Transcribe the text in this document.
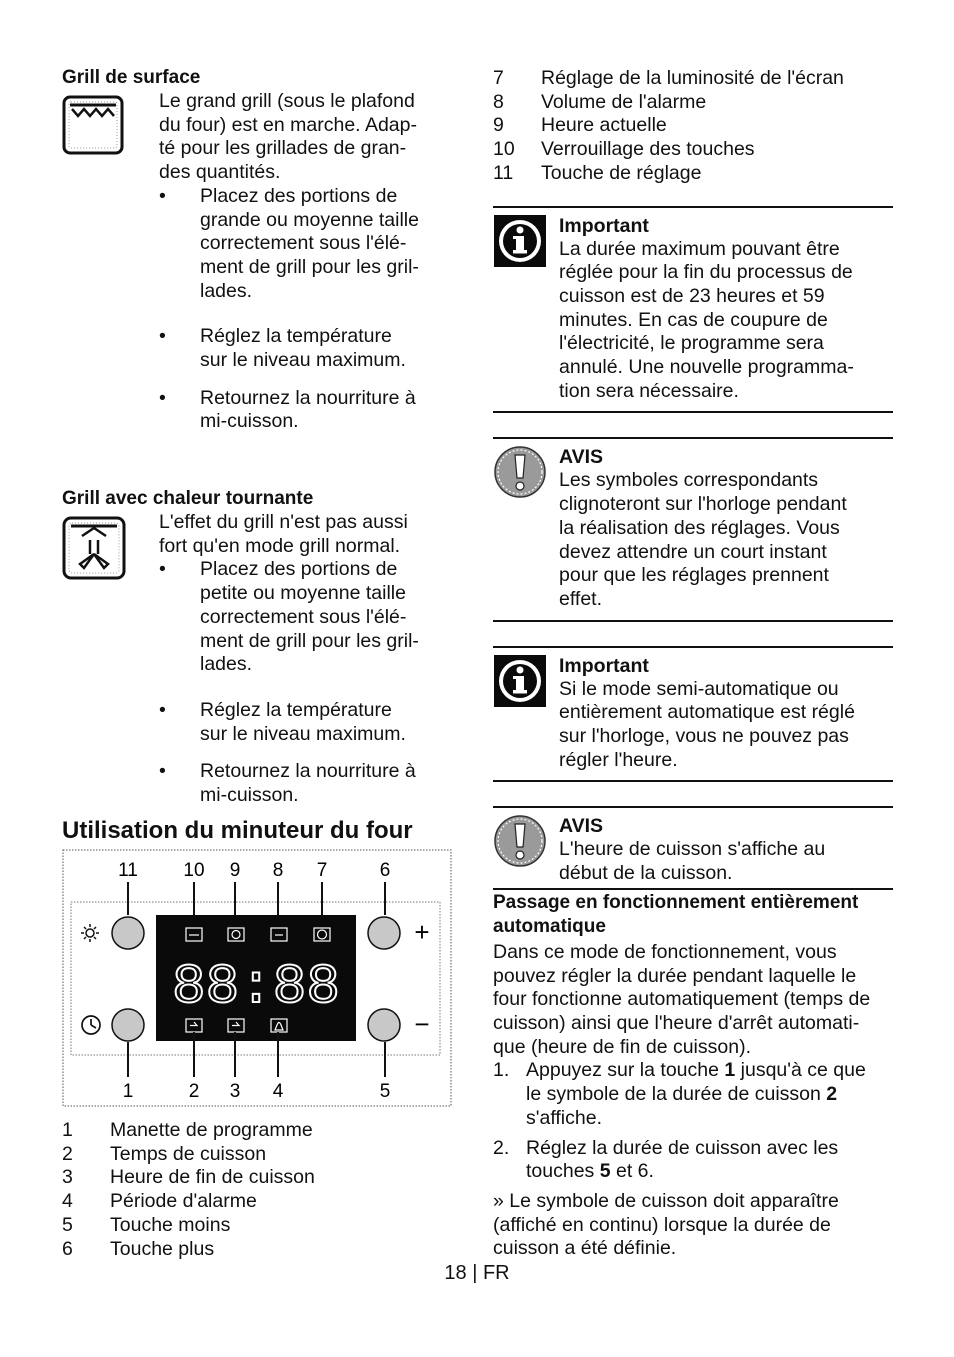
Grill de surface
Le grand grill (sous le plafond
du four) est en marche. Adap-
té pour les grillades de gran-
des quantités.
• Placez des portions de
grande ou moyenne taille
correctement sous l'élé-
ment de grill pour les gril-
lades.
• Réglez la température
sur le niveau maximum.
• Retournez la nourriture à
mi-cuisson.
Grill avec chaleur tournante
L'effet du grill n'est pas aussi
fort qu'en mode grill normal.
• Placez des portions de
petite ou moyenne taille
correctement sous l'élé-
ment de grill pour les gril-
lades.
• Réglez la température
sur le niveau maximum.
• Retournez la nourriture à
mi-cuisson.
Utilisation du minuteur du four
11 10 9 8 7	6
+
−
88:88
1	2 3 4	5
1	Manette de programme
2	Temps de cuisson
3	Heure de fin de cuisson
4	Période d'alarme
5	Touche moins
6	Touche plus
7	Réglage de la luminosité de l'écran
8	Volume de l'alarme
9	Heure actuelle
10	Verrouillage des touches
11	Touche de réglage
Important
La durée maximum pouvant être
réglée pour la fin du processus de
cuisson est de 23 heures et 59
minutes. En cas de coupure de
l'électricité, le programme sera
annulé. Une nouvelle programma-
tion sera nécessaire.
AVIS
Les symboles correspondants
clignoteront sur l'horloge pendant
la réalisation des réglages. Vous
devez attendre un court instant
pour que les réglages prennent
effet.
Important
Si le mode semi-automatique ou
entièrement automatique est réglé
sur l'horloge, vous ne pouvez pas
régler l'heure.
AVIS
L'heure de cuisson s'affiche au
début de la cuisson.
Passage en fonctionnement entièrement
automatique
Dans ce mode de fonctionnement, vous
pouvez régler la durée pendant laquelle le
four fonctionne automatiquement (temps de
cuisson) ainsi que l'heure d'arrêt automati-
que (heure de fin de cuisson).
1. Appuyez sur la touche 1 jusqu'à ce que
le symbole de la durée de cuisson 2
s'affiche.
2. Réglez la durée de cuisson avec les
touches 5 et 6.
» Le symbole de cuisson doit apparaître
(affiché en continu) lorsque la durée de
cuisson a été définie.
18 | FR
